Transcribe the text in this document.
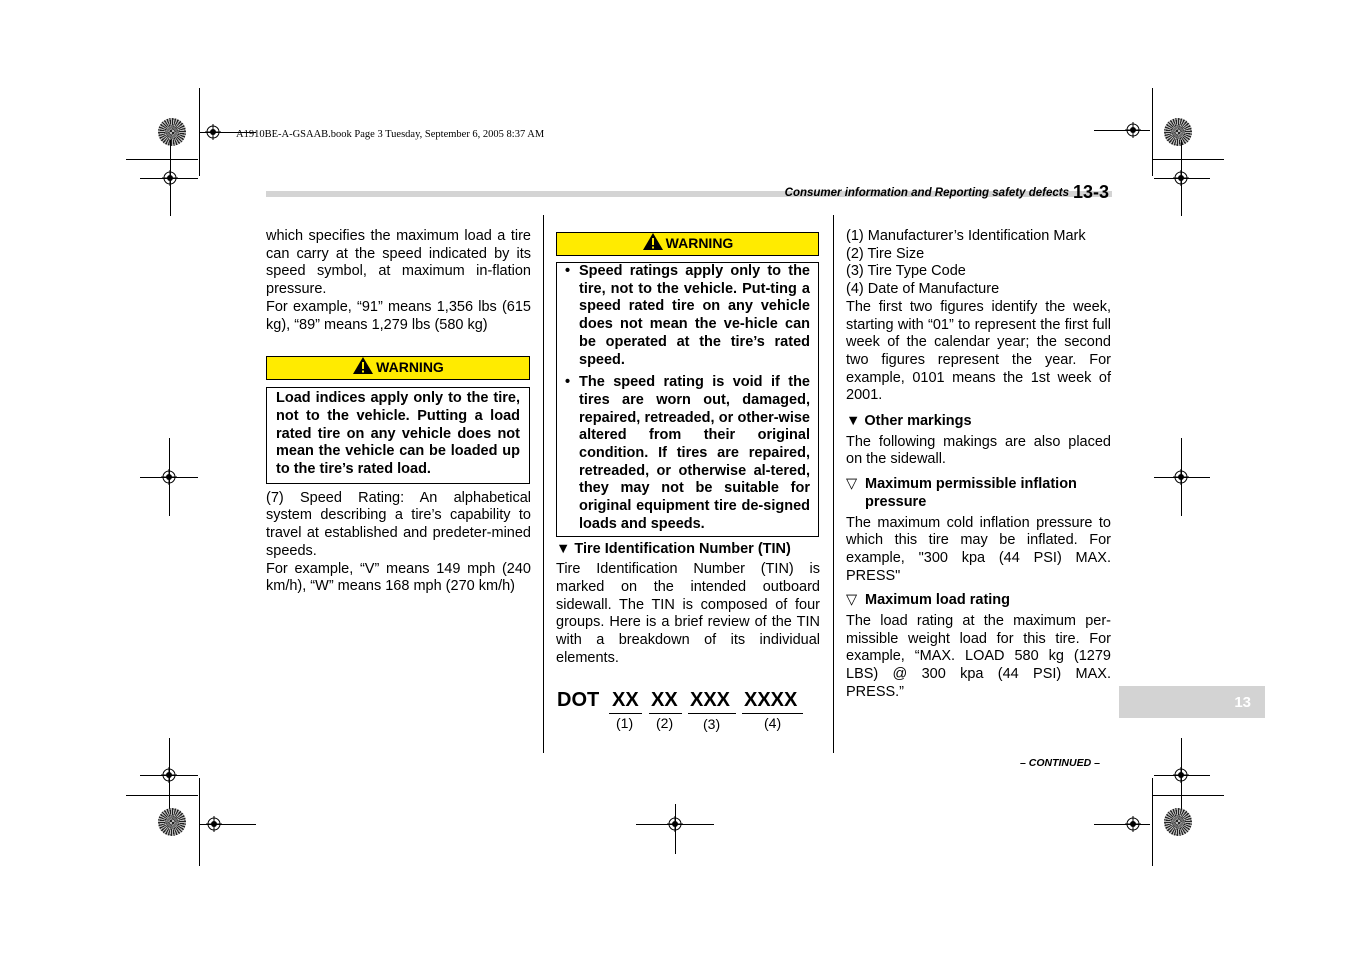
A1910BE-A-GSAAB.book Page 3 Tuesday, September 6, 2005 8:37 AM
Consumer information and Reporting safety defects 13-3

which specifies the maximum load a tire can carry at the speed indicated by its speed symbol, at maximum in-flation pressure.

For example, “91” means 1,356 lbs (615 kg), “89” means 1,279 lbs (580 kg)

WARNING

Load indices apply only to the tire, not to the vehicle. Putting a load rated tire on any vehicle does not mean the vehicle can be loaded up to the tire’s rated load.

(7) Speed Rating: An alphabetical system describing a tire’s capability to travel at established and predeter-mined speeds.

For example, “V” means 149 mph (240 km/h), “W” means 168 mph (270 km/h)

WARNING
• Speed ratings apply only to the tire, not to the vehicle. Put-ting a speed rated tire on any vehicle does not mean the ve-hicle can be operated at the tire’s rated speed.

• The speed rating is void if the tires are worn out, damaged, repaired, retreaded, or other-wise altered from their original condition. If tires are repaired, retreaded, or otherwise al-tered, they may not be suitable for original equipment tire de-signed loads and speeds.

▼ Tire Identification Number (TIN)

Tire Identification Number (TIN) is marked on the intended outboard sidewall. The TIN is composed of four groups. Here is a brief review of the TIN with a breakdown of its individual elements.

DOT XX XX XXX XXXX
(1) (2) (3)	(4)

(1) Manufacturer’s Identification Mark

(2) Tire Size

(3) Tire Type Code

(4) Date of Manufacture

The first two figures identify the week, starting with “01” to represent the first full week of the calendar year; the second two figures represent the year. For example, 0101 means the 1st week of 2001.

▼ Other markings

The following makings are also placed on the sidewall.

▽ Maximum permissible inflation pressure

The maximum cold inflation pressure to which this tire may be inflated. For example, "300 kpa (44 PSI) MAX. PRESS"

▽ Maximum load rating

The load rating at the maximum per-missible weight load for this tire. For example, “MAX. LOAD 580 kg (1279 LBS) @ 300 kpa (44 PSI) MAX. PRESS.”

13
– CONTINUED –
